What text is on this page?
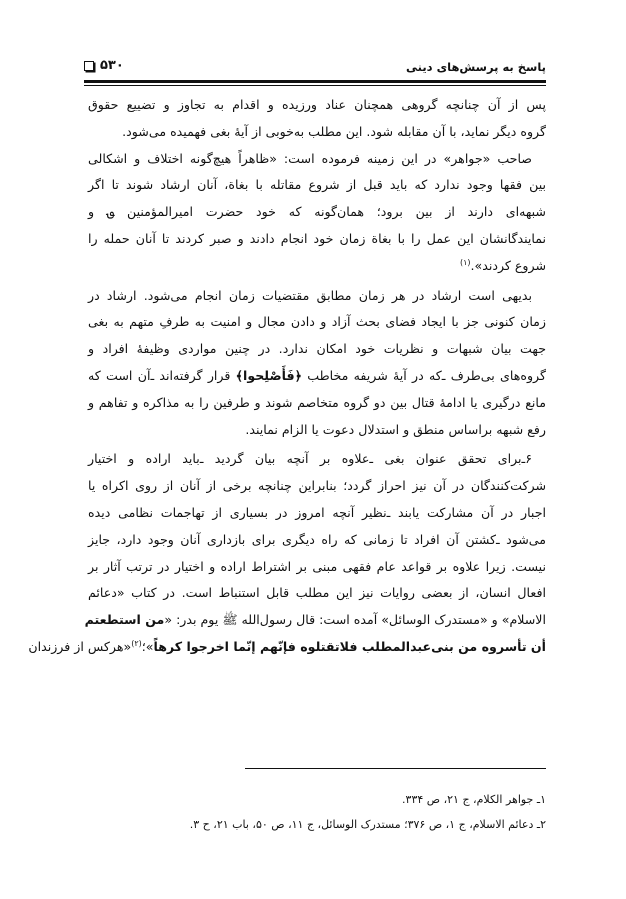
پاسخ به پرسش‌های دینی
۵۳۰
پس از آن چنانچه گروهی همچنان عناد ورزیده و اقدام به تجاوز و تضییع حقوق
گروه دیگر نماید، با آن مقابله شود. این مطلب به‌خوبی از آیهٔ بغی فهمیده می‌شود.
صاحب «جواهر» در این زمینه فرموده است: «ظاهراً هیچ‌گونه اختلاف و اشکالی
بین فقها وجود ندارد که باید قبل از شروع مقاتله با بغاة، آنان ارشاد شوند تا اگر
شبهه‌ای دارند از بین برود؛ همان‌گونه که خود حضرت امیرالمؤمنین ؈ و
نمایندگانشان این عمل را با بغاة زمان خود انجام دادند و صبر کردند تا آنان حمله را
شروع کردند».$^{(۱)}$
بدیهی است ارشاد در هر زمان مطابق مقتضیات زمان انجام می‌شود. ارشاد در
زمان کنونی جز با ایجاد فضای بحث آزاد و دادن مجال و امنیت به طرفِ متهم به بغی
جهت بیان شبهات و نظریات خود امکان ندارد. در چنین مواردی وظیفهٔ افراد و
گروه‌های بی‌طرف ـ‌که در آیهٔ شریفه مخاطب ﴿فَأَصْلِحوا﴾ قرار گرفته‌اند ـ‌آن است که
مانع درگیری یا ادامهٔ قتال بین دو گروه متخاصم شوند و طرفین را به مذاکره و تفاهم و
رفع شبهه براساس منطق و استدلال دعوت یا الزام نمایند.
۶ـ‌برای تحقق عنوان بغی ـ‌علاوه بر آنچه بیان گردید ـ‌باید اراده و اختیار
شرکت‌کنندگان در آن نیز احراز گردد؛ بنابراین چنانچه برخی از آنان از روی اکراه یا
اجبار در آن مشارکت یابند ـ‌نظیر آنچه امروز در بسیاری از تهاجمات نظامی دیده
می‌شود ـ‌کشتن آن افراد تا زمانی که راه دیگری برای بازداری آنان وجود دارد، جایز
نیست. زیرا علاوه بر قواعد عام فقهی مبنی بر اشتراط اراده و اختیار در ترتب آثار بر
افعال انسان، از بعضی روایات نیز این مطلب قابل استنباط است. در کتاب «دعائم
الاسلام» و «مستدرک الوسائل» آمده است: قال رسول‌الله ﷺ یوم بدر: «من استطعتم
أن تأسروه من بنی‌عبدالمطلب فلاتقتلوه فإنّهم إنّما اخرجوا کرهاً»؛$^{(۲)}$«هرکس از فرزندان
۱ـ جواهر الکلام، ج ۲۱، ص ۳۳۴.
۲ـ دعائم الاسلام، ج ۱، ص ۳۷۶؛ مستدرک الوسائل، ج ۱۱، ص ۵۰، باب ۲۱، ح ۳.
